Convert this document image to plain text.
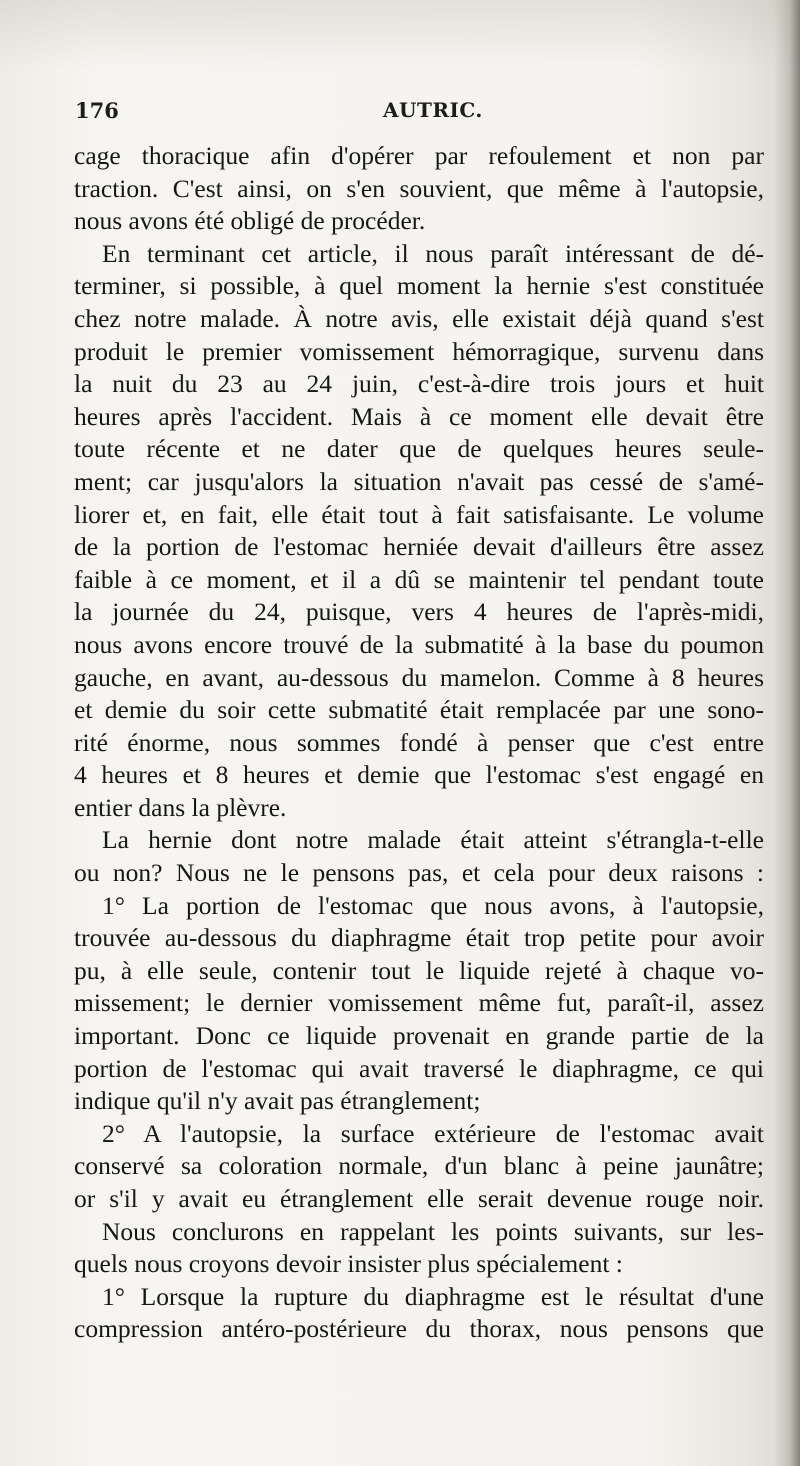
176	AUTRIC.
cage thoracique afin d'opérer par refoulement et non par
traction. C'est ainsi, on s'en souvient, que même à l'autopsie,
nous avons été obligé de procéder.
En terminant cet article, il nous paraît intéressant de dé-
terminer, si possible, à quel moment la hernie s'est constituée
chez notre malade. À notre avis, elle existait déjà quand s'est
produit le premier vomissement hémorragique, survenu dans
la nuit du 23 au 24 juin, c'est-à-dire trois jours et huit
heures après l'accident. Mais à ce moment elle devait être
toute récente et ne dater que de quelques heures seule-
ment; car jusqu'alors la situation n'avait pas cessé de s'amé-
liorer et, en fait, elle était tout à fait satisfaisante. Le volume
de la portion de l'estomac herniée devait d'ailleurs être assez
faible à ce moment, et il a dû se maintenir tel pendant toute
la journée du 24, puisque, vers 4 heures de l'après-midi,
nous avons encore trouvé de la submatité à la base du poumon
gauche, en avant, au-dessous du mamelon. Comme à 8 heures
et demie du soir cette submatité était remplacée par une sono-
rité énorme, nous sommes fondé à penser que c'est entre
4 heures et 8 heures et demie que l'estomac s'est engagé en
entier dans la plèvre.
La hernie dont notre malade était atteint s'étrangla-t-elle
ou non? Nous ne le pensons pas, et cela pour deux raisons :
1° La portion de l'estomac que nous avons, à l'autopsie,
trouvée au-dessous du diaphragme était trop petite pour avoir
pu, à elle seule, contenir tout le liquide rejeté à chaque vo-
missement; le dernier vomissement même fut, paraît-il, assez
important. Donc ce liquide provenait en grande partie de la
portion de l'estomac qui avait traversé le diaphragme, ce qui
indique qu'il n'y avait pas étranglement;
2° A l'autopsie, la surface extérieure de l'estomac avait
conservé sa coloration normale, d'un blanc à peine jaunâtre;
or s'il y avait eu étranglement elle serait devenue rouge noir.
Nous conclurons en rappelant les points suivants, sur les-
quels nous croyons devoir insister plus spécialement :
1° Lorsque la rupture du diaphragme est le résultat d'une
compression antéro-postérieure du thorax, nous pensons que
